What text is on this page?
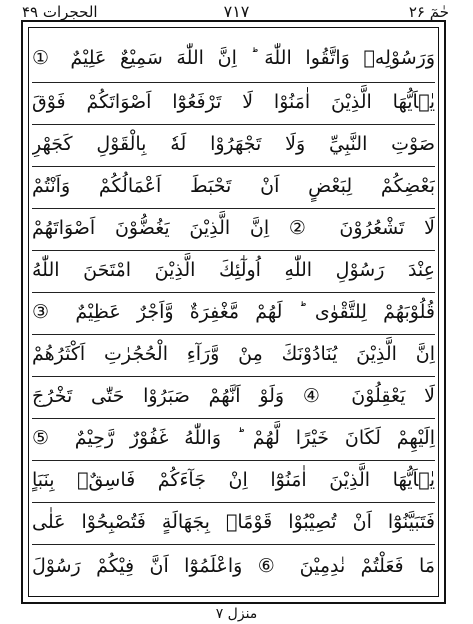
حٰمٓ ۲۶
۷۱۷
الحجرات ۴۹
وَرَسُوْلِهٖ وَاتَّقُوا اللّٰهَ ؕ اِنَّ اللّٰهَ سَمِيْعٌ عَلِيْمٌ ①
يٰۤاَيُّهَا الَّذِيْنَ اٰمَنُوْا لَا تَرْفَعُوْٓا اَصْوَاتَكُمْ فَوْقَ
صَوْتِ النَّبِيِّ وَلَا تَجْهَرُوْا لَهٗ بِالْقَوْلِ كَجَهْرِ
بَعْضِكُمْ لِبَعْضٍ اَنْ تَحْبَطَ اَعْمَالُكُمْ وَاَنْتُمْ
لَا تَشْعُرُوْنَ ② اِنَّ الَّذِيْنَ يَغُضُّوْنَ اَصْوَاتَهُمْ
عِنْدَ رَسُوْلِ اللّٰهِ اُولٰٓئِكَ الَّذِيْنَ امْتَحَنَ اللّٰهُ
قُلُوْبَهُمْ لِلتَّقْوٰى ؕ لَهُمْ مَّغْفِرَةٌ وَّاَجْرٌ عَظِيْمٌ ③
اِنَّ الَّذِيْنَ يُنَادُوْنَكَ مِنْ وَّرَآءِ الْحُجُرٰتِ اَكْثَرُهُمْ
لَا يَعْقِلُوْنَ ④ وَلَوْ اَنَّهُمْ صَبَرُوْا حَتّٰى تَخْرُجَ
اِلَيْهِمْ لَكَانَ خَيْرًا لَّهُمْ ؕ وَاللّٰهُ غَفُوْرٌ رَّحِيْمٌ ⑤
يٰۤاَيُّهَا الَّذِيْنَ اٰمَنُوْٓا اِنْ جَآءَكُمْ فَاسِقٌۢ بِنَبَاٍ
فَتَبَيَّنُوْٓا اَنْ تُصِيْبُوْا قَوْمًاۢ بِجَهَالَةٍ فَتُصْبِحُوْا عَلٰى
مَا فَعَلْتُمْ نٰدِمِيْنَ ⑥ وَاعْلَمُوْٓا اَنَّ فِيْكُمْ رَسُوْلَ
منزل ٧
